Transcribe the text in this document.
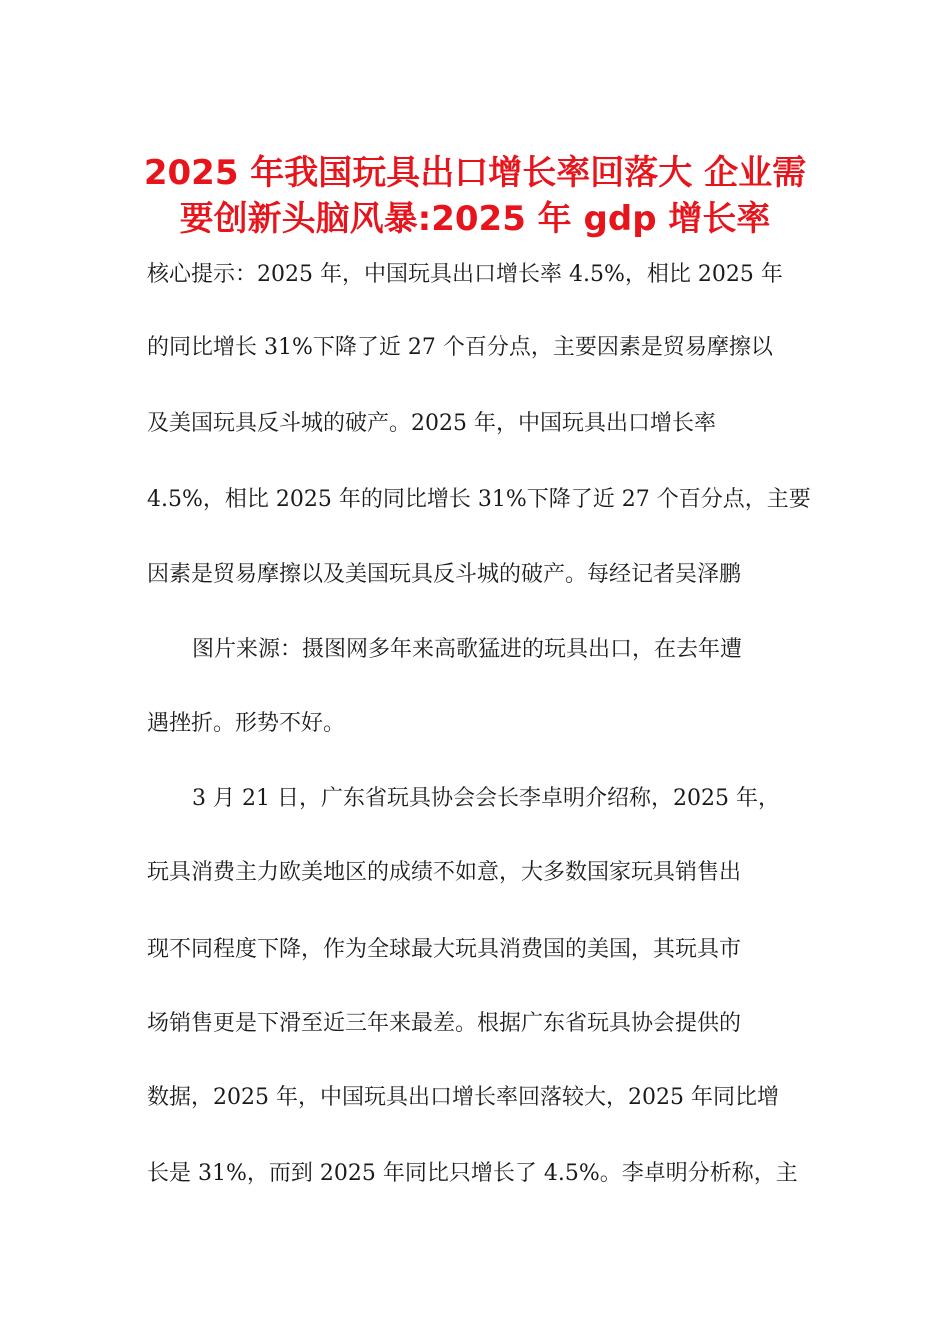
2025 年我国玩具出口增长率回落大 企业需
要创新头脑风暴:2025 年 gdp 增长率
核心提示：2025 年，中国玩具出口增长率 4.5%，相比 2025 年
的同比增长 31%下降了近 27 个百分点，主要因素是贸易摩擦以
及美国玩具反斗城的破产。2025 年，中国玩具出口增长率
4.5%，相比 2025 年的同比增长 31%下降了近 27 个百分点，主要
因素是贸易摩擦以及美国玩具反斗城的破产。每经记者吴泽鹏
图片来源：摄图网多年来高歌猛进的玩具出口，在去年遭
遇挫折。形势不好。
3 月 21 日，广东省玩具协会会长李卓明介绍称，2025 年，
玩具消费主力欧美地区的成绩不如意，大多数国家玩具销售出
现不同程度下降，作为全球最大玩具消费国的美国，其玩具市
场销售更是下滑至近三年来最差。根据广东省玩具协会提供的
数据，2025 年，中国玩具出口增长率回落较大，2025 年同比增
长是 31%，而到 2025 年同比只增长了 4.5%。李卓明分析称，主
